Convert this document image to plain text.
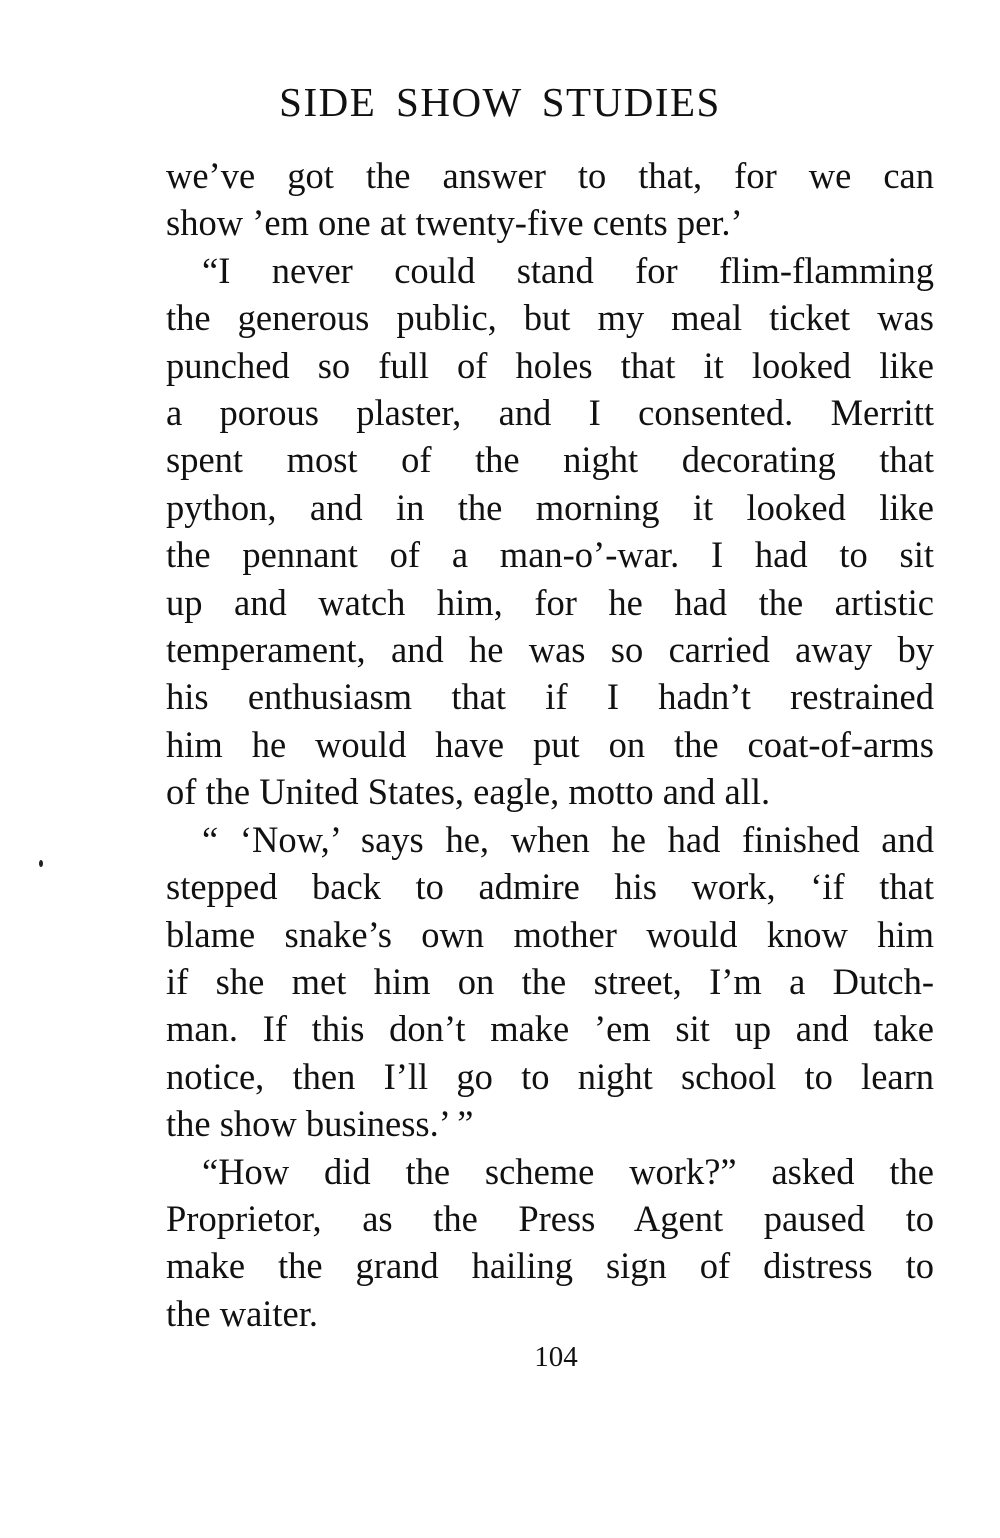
SIDE SHOW STUDIES
we’ve got the answer to that, for we can
show ’em one at twenty-five cents per.’
“I never could stand for flim-flamming
the generous public, but my meal ticket was
punched so full of holes that it looked like
a porous plaster, and I consented. Merritt
spent most of the night decorating that
python, and in the morning it looked like
the pennant of a man-o’-war. I had to sit
up and watch him, for he had the artistic
temperament, and he was so carried away by
his enthusiasm that if I hadn’t restrained
him he would have put on the coat-of-arms
of the United States, eagle, motto and all.
“ ‘Now,’ says he, when he had finished and
stepped back to admire his work, ‘if that
blame snake’s own mother would know him
if she met him on the street, I’m a Dutch-
man. If this don’t make ’em sit up and take
notice, then I’ll go to night school to learn
the show business.’ ”
“How did the scheme work?” asked the
Proprietor, as the Press Agent paused to
make the grand hailing sign of distress to
the waiter.
104
